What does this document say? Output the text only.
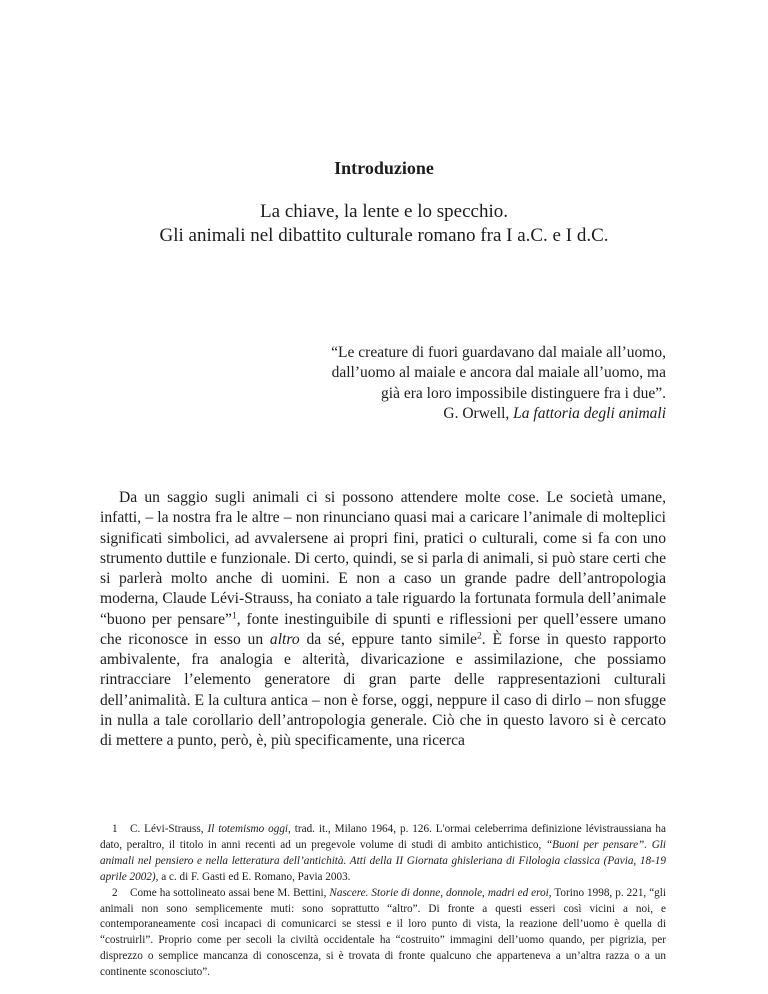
Introduzione
La chiave, la lente e lo specchio.
Gli animali nel dibattito culturale romano fra I a.C. e I d.C.
“Le creature di fuori guardavano dal maiale all’uomo,
dall’uomo al maiale e ancora dal maiale all’uomo, ma
già era loro impossibile distinguere fra i due”.
G. Orwell, La fattoria degli animali

Da un saggio sugli animali ci si possono attendere molte cose. Le società umane, infatti, – la nostra fra le altre – non rinunciano quasi mai a caricare l’animale di molteplici significati simbolici, ad avvalersene ai propri fini, pratici o culturali, come si fa con uno strumento duttile e funzionale. Di certo, quindi, se si parla di animali, si può stare certi che si parlerà molto anche di uomini. E non a caso un grande padre dell’antropologia moderna, Claude Lévi-Strauss, ha coniato a tale riguardo la fortunata formula dell’animale “buono per pensare”$^1$, fonte inestinguibile di spunti e riflessioni per quell’essere umano che riconosce in esso un altro da sé, eppure tanto simile$^2$. È forse in questo rapporto ambivalente, fra analogia e alterità, divaricazione e assimilazione, che possiamo rintracciare l’elemento generatore di gran parte delle rappresentazioni culturali dell’animalità. E la cultura antica – non è forse, oggi, neppure il caso di dirlo – non sfugge in nulla a tale corollario dell’antropologia generale. Ciò che in questo lavoro si è cercato di mettere a punto, però, è, più specificamente, una ricerca

1 C. Lévi-Strauss, Il totemismo oggi, trad. it., Milano 1964, p. 126. L'ormai celeberrima definizione lévistraussiana ha dato, peraltro, il titolo in anni recenti ad un pregevole volume di studi di ambito antichistico, “Buoni per pensare”. Gli animali nel pensiero e nella letteratura dell’antichità. Atti della II Giornata ghisleriana di Filologia classica (Pavia, 18-19 aprile 2002), a c. di F. Gasti ed E. Romano, Pavia 2003.

2 Come ha sottolineato assai bene M. Bettini, Nascere. Storie di donne, donnole, madri ed eroi, Torino 1998, p. 221, “gli animali non sono semplicemente muti: sono soprattutto “altro”. Di fronte a questi esseri così vicini a noi, e contemporaneamente così incapaci di comunicarci se stessi e il loro punto di vista, la reazione dell’uomo è quella di “costruirli”. Proprio come per secoli la civiltà occidentale ha “costruito” immagini dell’uomo quando, per pigrizia, per disprezzo o semplice mancanza di conoscenza, si è trovata di fronte qualcuno che apparteneva a un’altra razza o a un continente sconosciuto”.
